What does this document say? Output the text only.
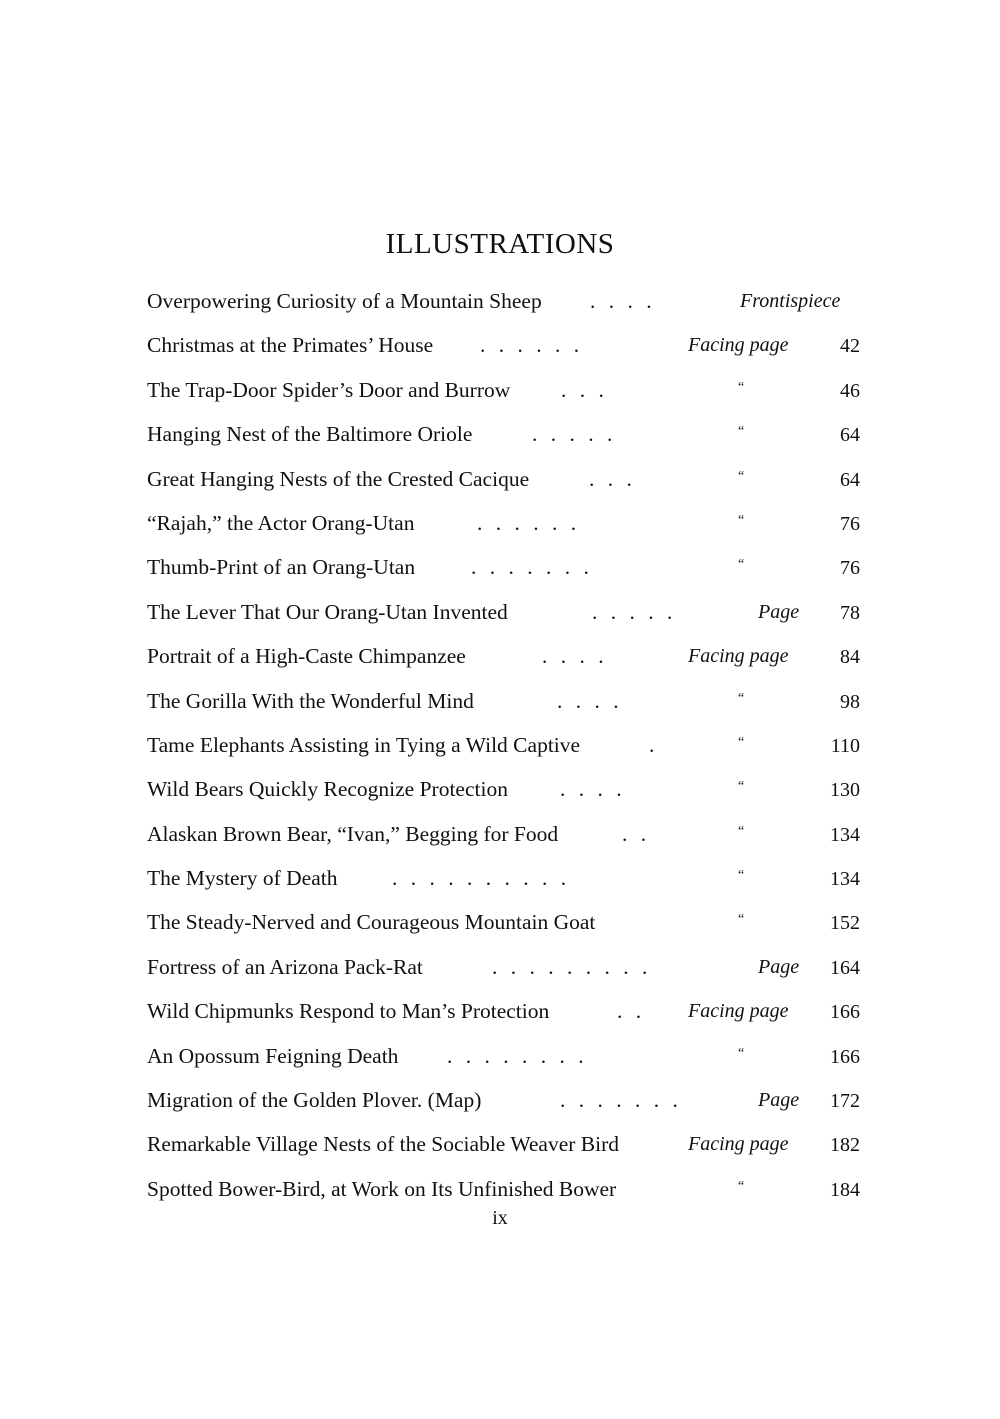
ILLUSTRATIONS
Overpowering Curiosity of a Mountain Sheep . . . .	Frontispiece
Christmas at the Primates’ House . . . . . .	Facing page	42
The Trap-Door Spider’s Door and Burrow . . .	“	46
Hanging Nest of the Baltimore Oriole	. . . . .	“	64
Great Hanging Nests of the Crested Cacique	. . .	“	64
“Rajah,” the Actor Orang-Utan	. . . . . .	“	76
Thumb-Print of an Orang-Utan	. . . . . . .	“	76
The Lever That Our Orang-Utan Invented	. . . . .	Page 78
Portrait of a High-Caste Chimpanzee	. . . .	Facing page	84
The Gorilla With the Wonderful Mind	. . . .	“	98
Tame Elephants Assisting in Tying a Wild Captive	.	“	110
Wild Bears Quickly Recognize Protection . . . .	“	130
Alaskan Brown Bear, “Ivan,” Begging for Food	. .	“	134
The Mystery of Death	. . . . . . . . . .	“	134
The Steady-Nerved and Courageous Mountain Goat	“	152
Fortress of an Arizona Pack-Rat	. . . . . . . . .	Page 164
Wild Chipmunks Respond to Man’s Protection	. . Facing page 166
An Opossum Feigning Death . . . . . . . .	“	166
Migration of the Golden Plover. (Map)	. . . . . . .	Page 172
Remarkable Village Nests of the Sociable Weaver Bird	Facing page 182
Spotted Bower-Bird, at Work on Its Unfinished Bower	“	184
ix
